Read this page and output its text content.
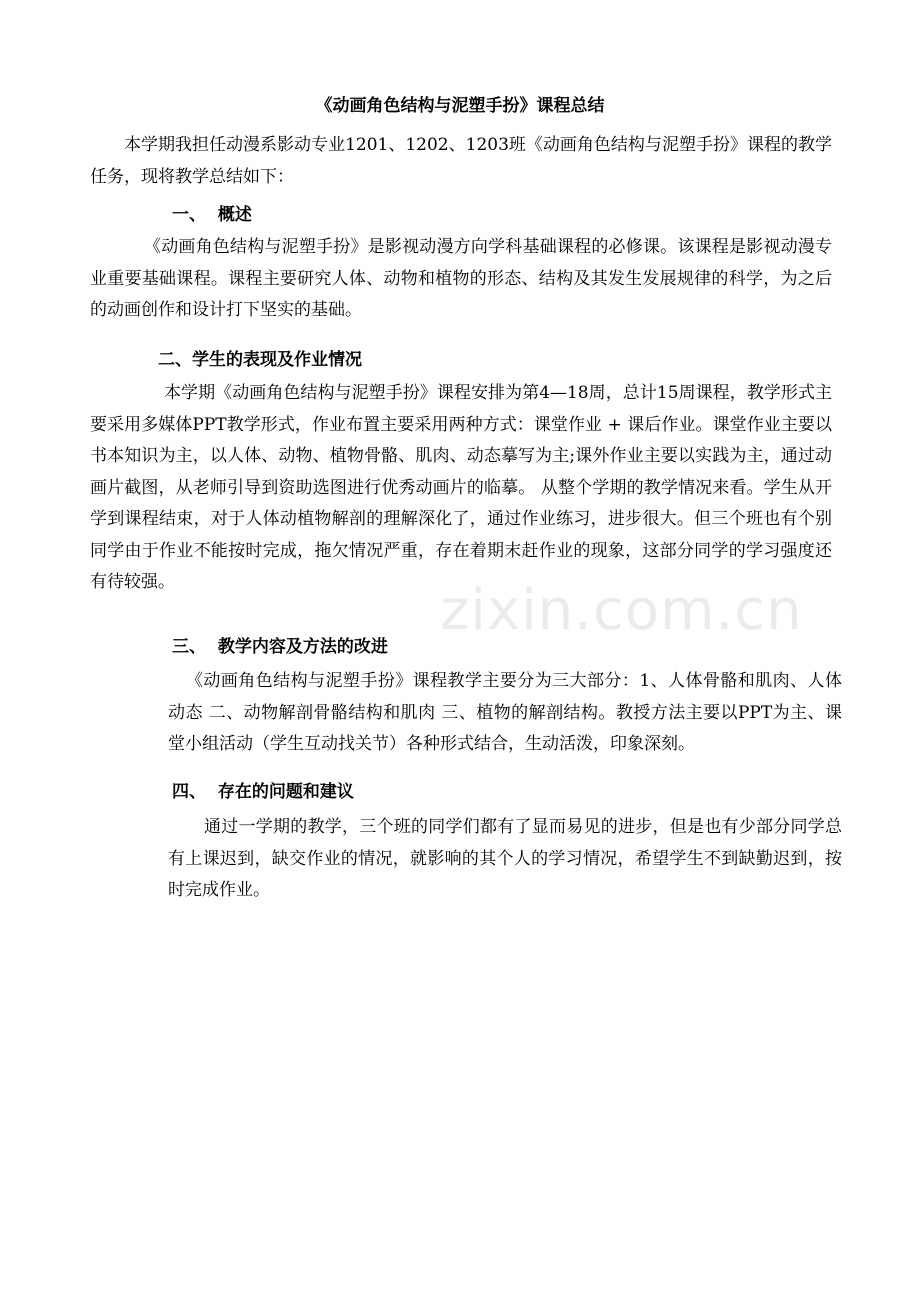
《动画角色结构与泥塑手扮》课程总结
本学期我担任动漫系影动专业1201、1202、1203班《动画角色结构与泥塑手扮》课程的教学任务，现将教学总结如下：
一、  概述
《动画角色结构与泥塑手扮》是影视动漫方向学科基础课程的必修课。该课程是影视动漫专业重要基础课程。课程主要研究人体、动物和植物的形态、结构及其发生发展规律的科学，为之后的动画创作和设计打下坚实的基础。
二、学生的表现及作业情况
本学期《动画角色结构与泥塑手扮》课程安排为第4—18周，总计15周课程，教学形式主要采用多媒体PPT教学形式，作业布置主要采用两种方式：课堂作业 + 课后作业。课堂作业主要以书本知识为主，以人体、动物、植物骨骼、肌肉、动态摹写为主;课外作业主要以实践为主，通过动画片截图，从老师引导到资助选图进行优秀动画片的临摹。 从整个学期的教学情况来看。学生从开学到课程结束，对于人体动植物解剖的理解深化了，通过作业练习，进步很大。但三个班也有个别同学由于作业不能按时完成，拖欠情况严重，存在着期末赶作业的现象，这部分同学的学习强度还有待较强。
三、  教学内容及方法的改进
《动画角色结构与泥塑手扮》课程教学主要分为三大部分：1、人体骨骼和肌肉、人体动态 二、动物解剖骨骼结构和肌肉 三、植物的解剖结构。教授方法主要以PPT为主、课堂小组活动（学生互动找关节）各种形式结合，生动活泼，印象深刻。
四、  存在的问题和建议
通过一学期的教学，三个班的同学们都有了显而易见的进步，但是也有少部分同学总有上课迟到，缺交作业的情况，就影响的其个人的学习情况，希望学生不到缺勤迟到，按时完成作业。
zixin.com.cn
